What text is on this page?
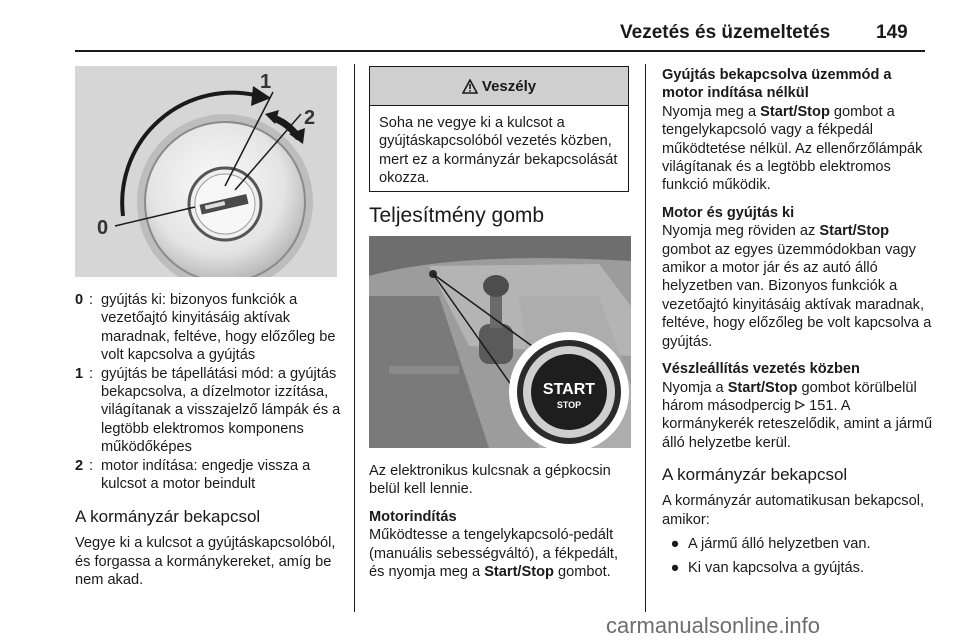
Vezetés és üzemeltetés 149
1
2
0
0 : gyújtás ki: bizonyos funkciók a vezetőajtó kinyitásáig aktívak maradnak, feltéve, hogy előzőleg be volt kapcsolva a gyújtás
1 : gyújtás be tápellátási mód: a gyújtás bekapcsolva, a dízelmotor izzítása, világítanak a visszajelző lámpák és a legtöbb elektromos komponens működőképes
2 : motor indítása: engedje vissza a kulcsot a motor beindult
A kormányzár bekapcsol

Vegye ki a kulcsot a gyújtáskapcsolóból, és forgassa a kormánykereket, amíg be nem akad.

Veszély
Soha ne vegye ki a kulcsot a gyújtáskapcsolóból vezetés közben, mert ez a kormányzár bekapcsolását okozza.
Teljesítmény gomb
START
STOP

Az elektronikus kulcsnak a gépkocsin belül kell lennie.

Motorindítás

Működtesse a tengelykapcsoló-pedált (manuális sebességváltó), a fékpedált, és nyomja meg a Start/Stop gombot.

Gyújtás bekapcsolva üzemmód a motor indítása nélkül

Nyomja meg a Start/Stop gombot a tengelykapcsoló vagy a fékpedál működtetése nélkül. Az ellenőrzőlámpák világítanak és a legtöbb elektromos funkció működik.

Motor és gyújtás ki

Nyomja meg röviden az Start/Stop gombot az egyes üzemmódokban vagy amikor a motor jár és az autó álló helyzetben van. Bizonyos funkciók a vezetőajtó kinyitásáig aktívak maradnak, feltéve, hogy előzőleg be volt kapcsolva a gyújtás.

Vészleállítás vezetés közben

Nyomja a Start/Stop gombot körülbelül három másodpercig  151. A kormánykerék reteszelődik, amint a jármű álló helyzetbe kerül.

A kormányzár bekapcsol

A kormányzár automatikusan bekapcsol, amikor:

● A jármű álló helyzetben van.
● Ki van kapcsolva a gyújtás.
carmanualsonline.info
